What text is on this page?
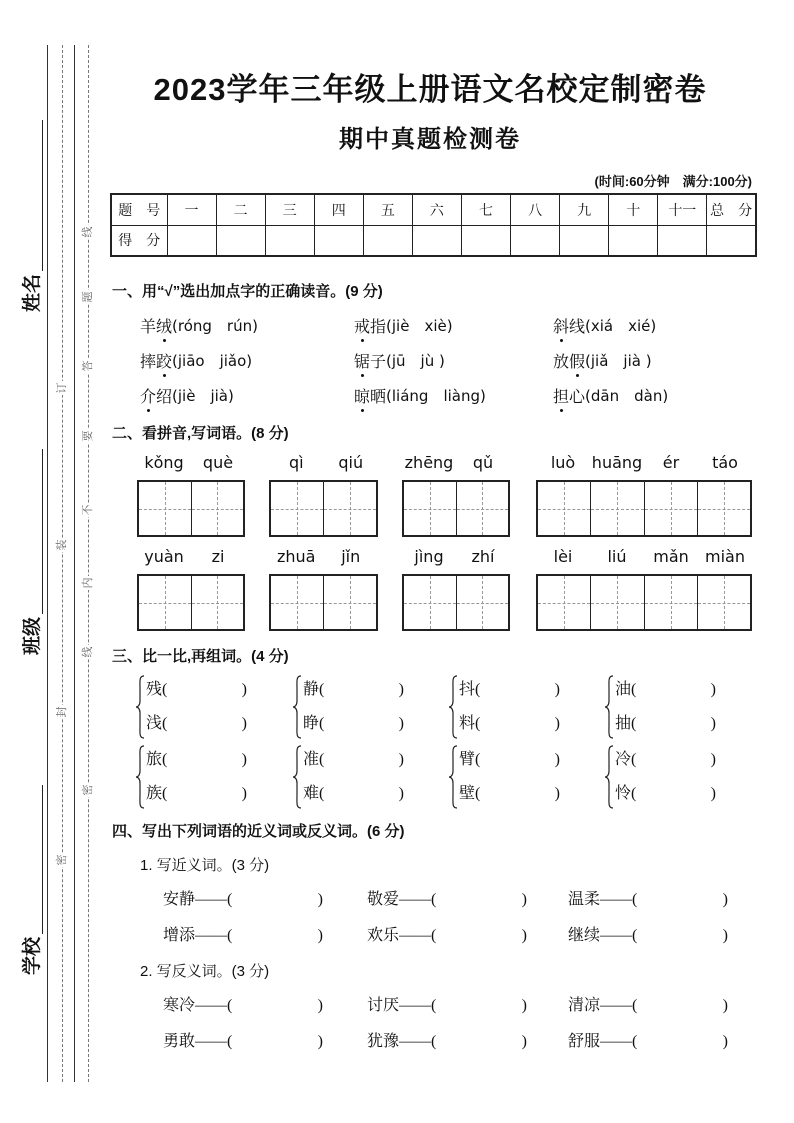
订
装
封
密
线
题
答
要
不
内
线
密
姓名
班级
学校
2023学年三年级上册语文名校定制密卷
期中真题检测卷
(时间:60分钟　满分:100分)
题　号	一	二	三	四	五	六	七	八	九	十	十一	总　分
得　分												
一、用“√”选出加点字的正确读音。(9 分)
羊 绒 (róng　rún)	戒 指 (jiè　xiè)	斜 线 (xiá　xié)
摔 跤 (jiāo　jiǎo)	锯 子 (jū　jù )	放 假 (jiǎ　jià )
介 绍 (jiè　jià)	晾 晒 (liáng　liàng)	担 心 (dān　dàn)
二、看拼音,写词语。(8 分)
kǒng	què	qì	qiú	zhēng	qǔ	luò	huāng	ér	táo
yuàn	zi	zhuā	jǐn	jìng	zhí	lèi	liú	mǎn	miàn
三、比一比,再组词。(4 分)
残 (	)
浅 (	)
静 (	)
睁 (	)
抖 (	)
料 (	)
油 (	)
抽 (	)
旅 (	)
族 (	)
准 (	)
难 (	)
臂 (	)
壁 (	)
冷 (	)
怜 (	)
四、写出下列词语的近义词或反义词。(6 分)
1. 写近义词。(3 分)
安静 ——(	)	敬爱 ——(	)	温柔 ——(	)
增添 ——(	)	欢乐 ——(	)	继续 ——(	)
2. 写反义词。(3 分)
寒冷 ——(	)	讨厌 ——(	)	清凉 ——(	)
勇敢 ——(	)	犹豫 ——(	)	舒服 ——(	)
